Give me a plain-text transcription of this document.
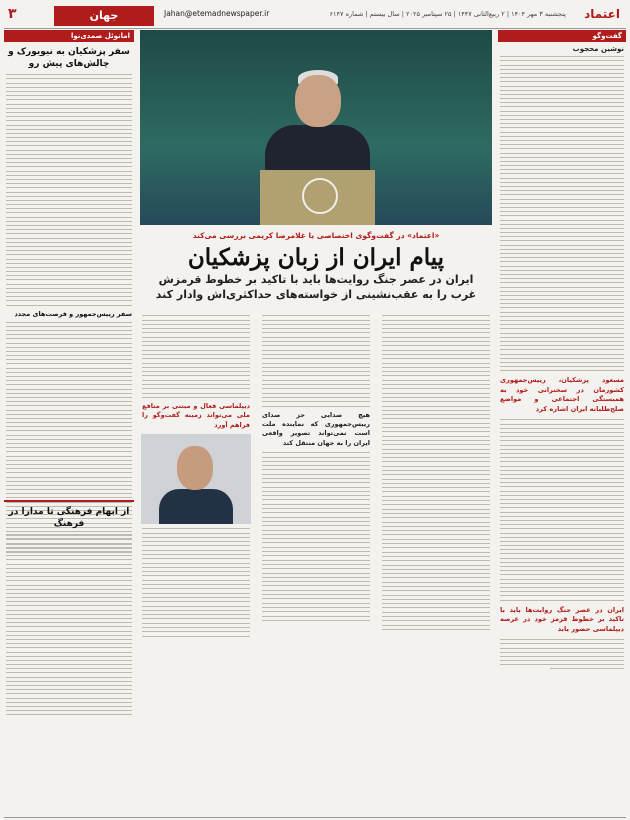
اعتماد
پنجشنبه ۳ مهر ۱۴۰۴ | ۲ ربیع‌الثانی ۱۴۴۷ | ۲۵ سپتامبر ۲۰۲۵ | سال بیستم | شماره ۶۱۴۷
Jahan@etemadnewspaper.ir
جهان
۳
گفت‌وگو
نوشین محجوب
مسعود پزشکیان، رییس‌جمهوری کشورمان در سخنرانی خود به همبستگی اجتماعی و مواضع صلح‌طلبانه ایران اشاره کرد
ایران در عصر جنگ روایت‌ها باید با تاکید بر خطوط قرمز خود در عرصه دیپلماسی حضور یابد
«اعتماد» در گفت‌وگوی اختصاصی با غلامرضا کریمی بررسی می‌کند
پیام ایران از زبان پزشکیان
ایران در عصر جنگ روایت‌ها باید با تاکید بر خطوط قرمزش
غرب را به عقب‌نشینی از خواسته‌های حداکثری‌اش وادار کند
هیچ صدایی جز صدای رییس‌جمهوری که نماینده ملت است نمی‌تواند تصویر واقعی ایران را به جهان منتقل کند
دیپلماسی فعال و مبتنی بر منافع ملی می‌تواند زمینه گفت‌وگو را فراهم آورد
امانوئل صمدی‌نوا
سفر پزشکیان به نیویورک و چالش‌های پیش رو
سفر رییس‌جمهور و فرصت‌های مجدد
از ابهام فرهنگی تا مدارا در فرهنگ
